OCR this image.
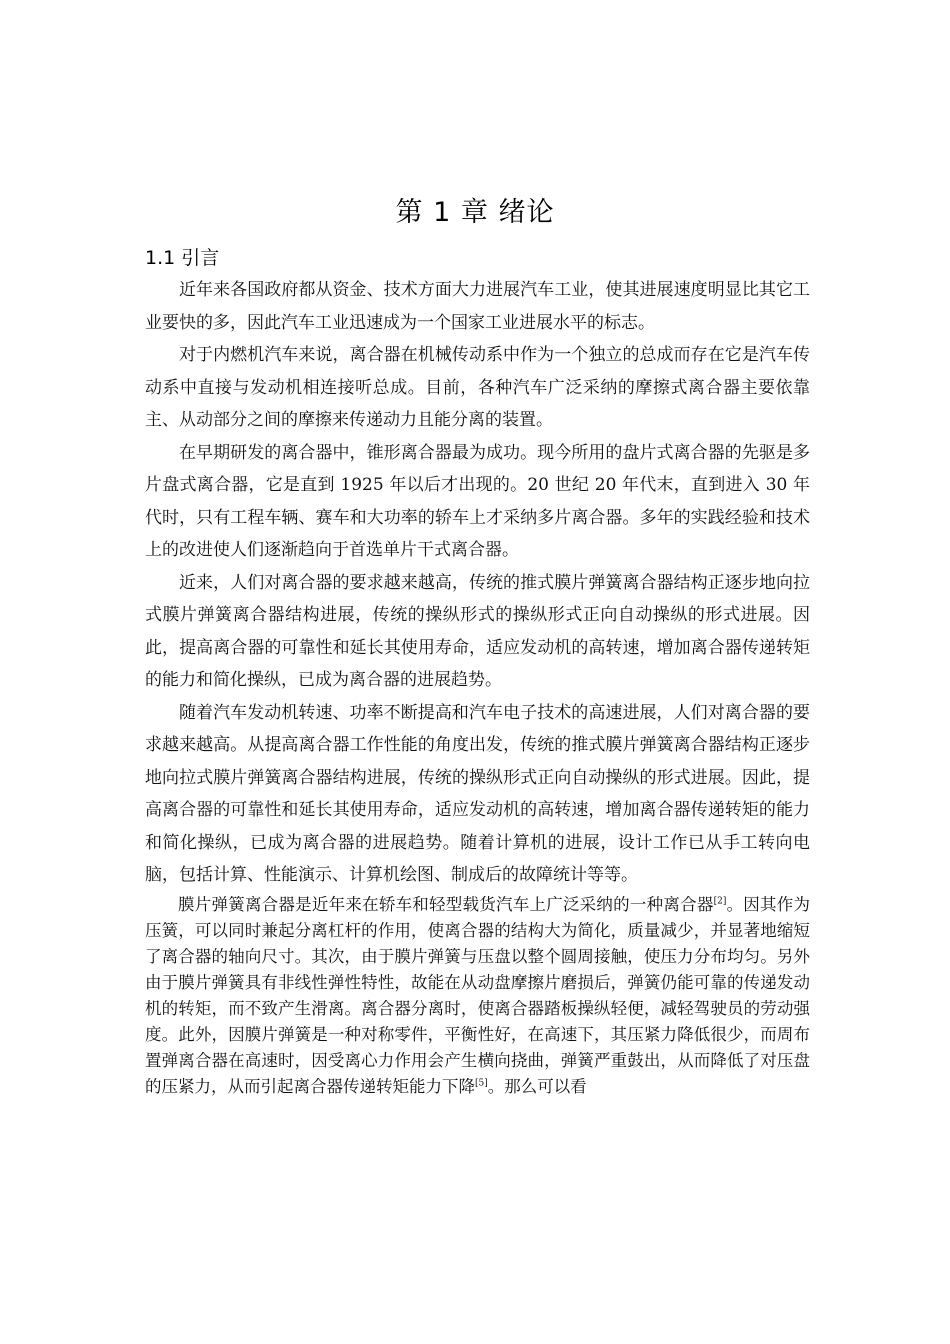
第 1 章 绪论
1.1 引言

近年来各国政府都从资金、技术方面大力进展汽车工业，使其进展速度明显比其它工业要快的多，因此汽车工业迅速成为一个国家工业进展水平的标志。

对于内燃机汽车来说，离合器在机械传动系中作为一个独立的总成而存在它是汽车传动系中直接与发动机相连接听总成。目前，各种汽车广泛采纳的摩擦式离合器主要依靠主、从动部分之间的摩擦来传递动力且能分离的装置。

在早期研发的离合器中，锥形离合器最为成功。现今所用的盘片式离合器的先驱是多片盘式离合器，它是直到 1925 年以后才出现的。20 世纪 20 年代末，直到进入 30 年代时，只有工程车辆、赛车和大功率的轿车上才采纳多片离合器。多年的实践经验和技术上的改进使人们逐渐趋向于首选单片干式离合器。

近来，人们对离合器的要求越来越高，传统的推式膜片弹簧离合器结构正逐步地向拉式膜片弹簧离合器结构进展，传统的操纵形式的操纵形式正向自动操纵的形式进展。因此，提高离合器的可靠性和延长其使用寿命，适应发动机的高转速，增加离合器传递转矩的能力和简化操纵，已成为离合器的进展趋势。

随着汽车发动机转速、功率不断提高和汽车电子技术的高速进展，人们对离合器的要求越来越高。从提高离合器工作性能的角度出发，传统的推式膜片弹簧离合器结构正逐步地向拉式膜片弹簧离合器结构进展，传统的操纵形式正向自动操纵的形式进展。因此，提高离合器的可靠性和延长其使用寿命，适应发动机的高转速，增加离合器传递转矩的能力和简化操纵，已成为离合器的进展趋势。随着计算机的进展，设计工作已从手工转向电脑，包括计算、性能演示、计算机绘图、制成后的故障统计等等。

膜片弹簧离合器是近年来在轿车和轻型载货汽车上广泛采纳的一种离合器[2]。因其作为压簧，可以同时兼起分离杠杆的作用，使离合器的结构大为简化，质量减少，并显著地缩短了离合器的轴向尺寸。其次，由于膜片弹簧与压盘以整个圆周接触，使压力分布均匀。另外由于膜片弹簧具有非线性弹性特性，故能在从动盘摩擦片磨损后，弹簧仍能可靠的传递发动机的转矩，而不致产生滑离。离合器分离时，使离合器踏板操纵轻便，减轻驾驶员的劳动强度。此外，因膜片弹簧是一种对称零件，平衡性好，在高速下，其压紧力降低很少，而周布置弹离合器在高速时，因受离心力作用会产生横向挠曲，弹簧严重鼓出，从而降低了对压盘的压紧力，从而引起离合器传递转矩能力下降[5]。那么可以看
